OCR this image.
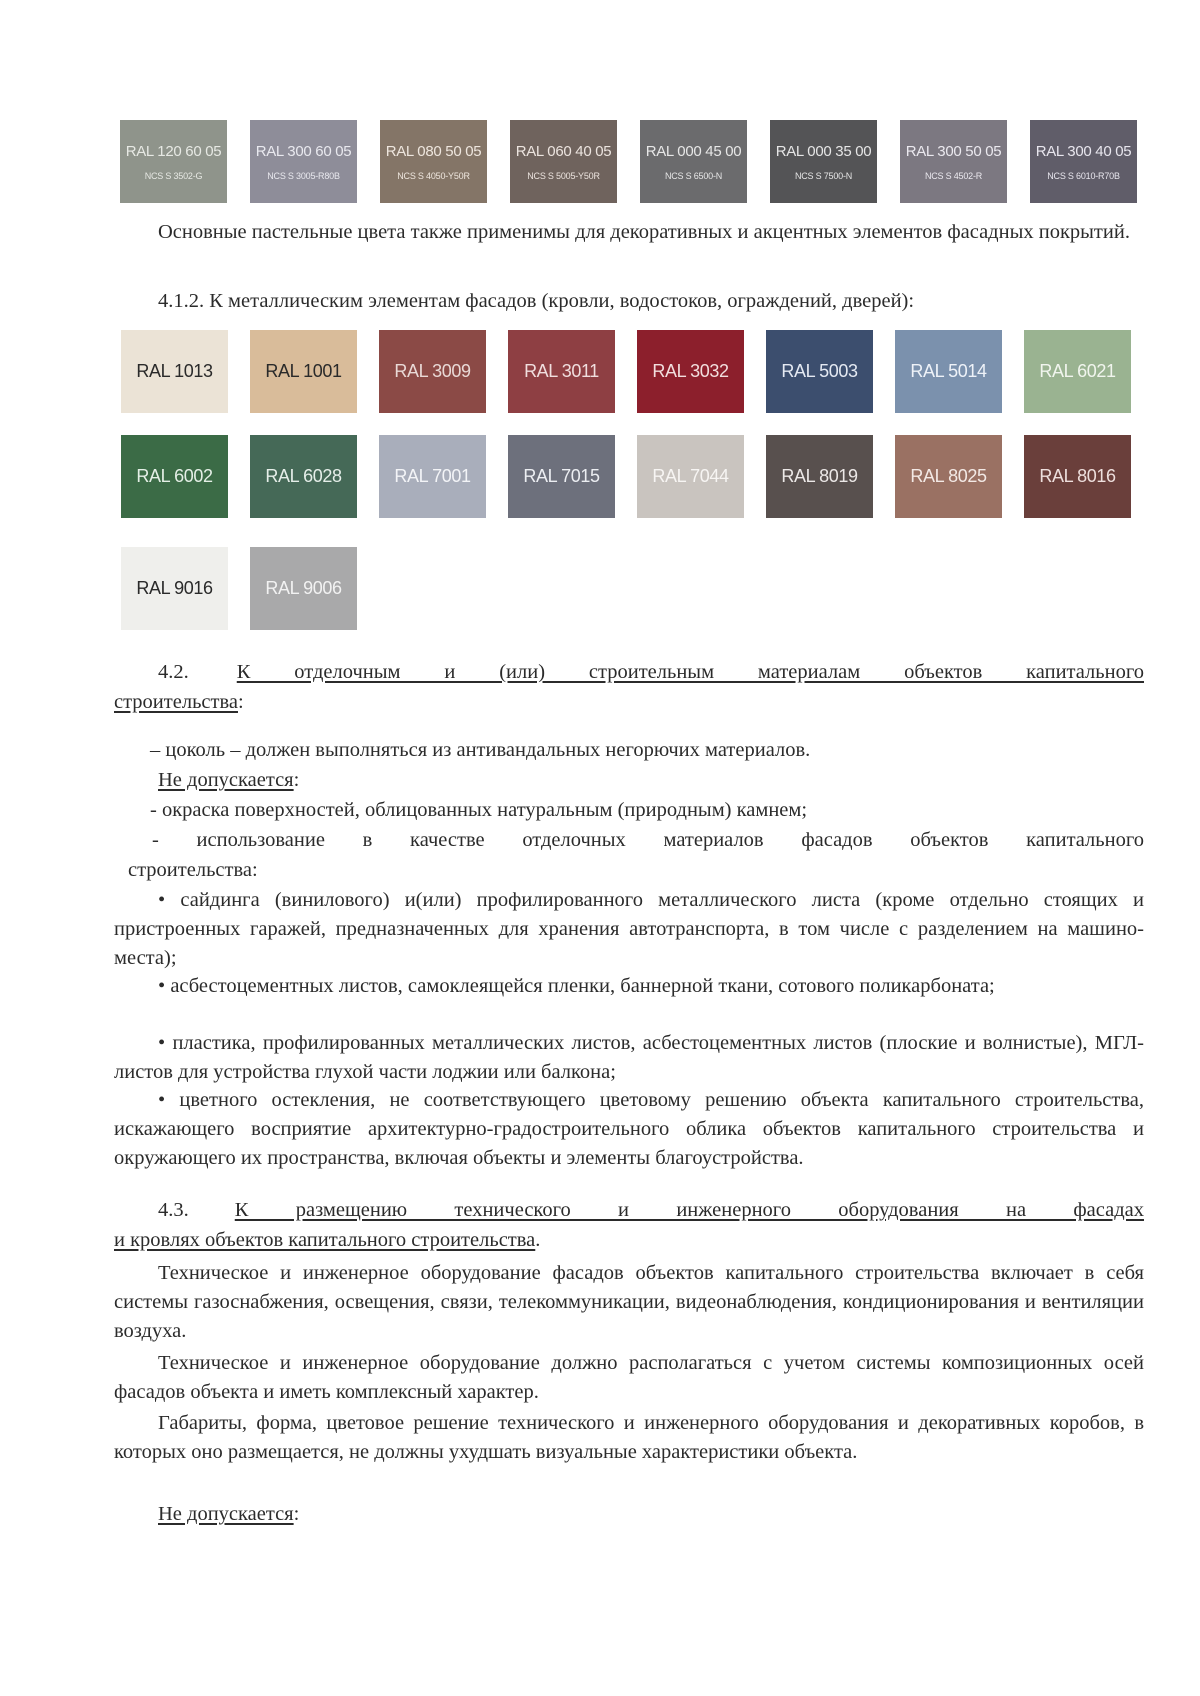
RAL 120 60 05
NCS S 3502-G
RAL 300 60 05
NCS S 3005-R80B
RAL 080 50 05
NCS S 4050-Y50R
RAL 060 40 05
NCS S 5005-Y50R
RAL 000 45 00
NCS S 6500-N
RAL 000 35 00
NCS S 7500-N
RAL 300 50 05
NCS S 4502-R
RAL 300 40 05
NCS S 6010-R70B

Основные пастельные цвета также применимы для декоративных и акцентных элементов фасадных покрытий.

4.1.2. К металлическим элементам фасадов (кровли, водостоков, ограждений, дверей):

RAL 1013	RAL 1001	RAL 3009	RAL 3011	RAL 3032	RAL 5003	RAL 5014	RAL 6021
RAL 6002	RAL 6028	RAL 7001	RAL 7015	RAL 7044	RAL 8019	RAL 8025	RAL 8016
RAL 9016	RAL 9006

4.2. К отделочным и (или) строительным материалам объектов капитального

строительства:

– цоколь – должен выполняться из антивандальных негорючих материалов.

Не допускается:

- окраска поверхностей, облицованных натуральным (природным) камнем;

- использование в качестве отделочных материалов фасадов объектов капитального

строительства:

• сайдинга (винилового) и(или) профилированного металлического листа (кроме отдельно стоящих и пристроенных гаражей, предназначенных для хранения автотранспорта, в том числе с разделением на машино-места);

• асбестоцементных листов, самоклеящейся пленки, баннерной ткани, сотового поликарбоната;

• пластика, профилированных металлических листов, асбестоцементных листов (плоские и волнистые), МГЛ-листов для устройства глухой части лоджии или балкона;

• цветного остекления, не соответствующего цветовому решению объекта капитального строительства, искажающего восприятие архитектурно-градостроительного облика объектов капитального строительства и окружающего их пространства, включая объекты и элементы благоустройства.

4.3. К размещению технического и инженерного оборудования на фасадах

и кровлях объектов капитального строительства.

Техническое и инженерное оборудование фасадов объектов капитального строительства включает в себя системы газоснабжения, освещения, связи, телекоммуникации, видеонаблюдения, кондиционирования и вентиляции воздуха.

Техническое и инженерное оборудование должно располагаться с учетом системы композиционных осей фасадов объекта и иметь комплексный характер.

Габариты, форма, цветовое решение технического и инженерного оборудования и декоративных коробов, в которых оно размещается, не должны ухудшать визуальные характеристики объекта.

Не допускается:
